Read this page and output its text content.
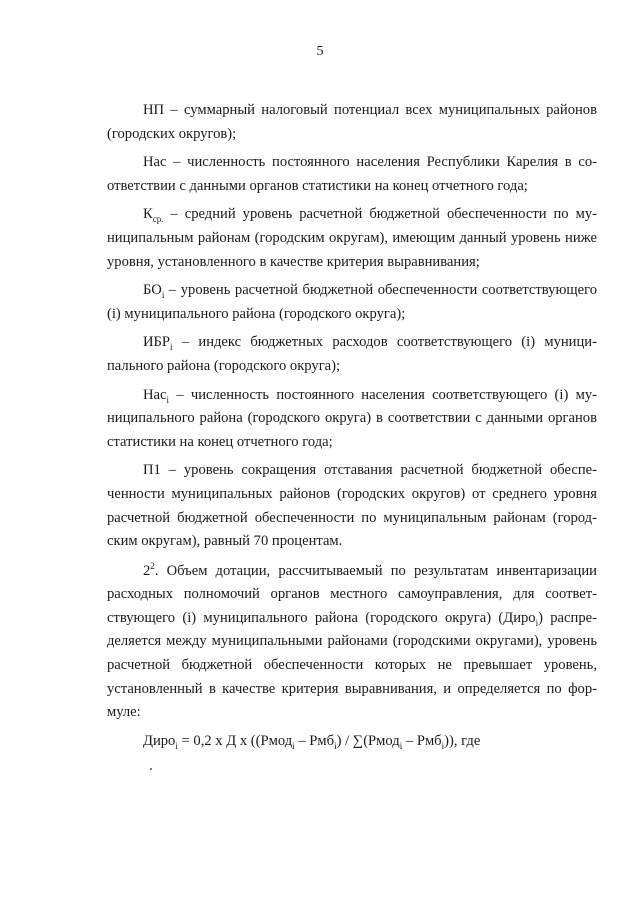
5

НП – суммарный налоговый потенциал всех муниципальных районов (городских округов);

Нас – численность постоянного населения Республики Карелия в соответствии с данными органов статистики на конец отчетного года;

$К_{ср.}$ – средний уровень расчетной бюджетной обеспеченности по муниципальным районам (городским округам), имеющим данный уровень ниже уровня, установленного в качестве критерия выравнивания;

$БО_i$ – уровень расчетной бюджетной обеспеченности соответствующего (i) муниципального района (городского округа);

$ИБР_i$ – индекс бюджетных расходов соответствующего (i) муниципального района (городского округа);

Нас$_i$ – численность постоянного населения соответствующего (i) муниципального района (городского округа) в соответствии с данными органов статистики на конец отчетного года;

П1 – уровень сокращения отставания расчетной бюджетной обеспеченности муниципальных районов (городских округов) от среднего уровня расчетной бюджетной обеспеченности по муниципальным районам (городским округам), равный 70 процентам.

$2^2$. Объем дотации, рассчитываемый по результатам инвентаризации расходных полномочий органов местного самоуправления, для соответствующего (i) муниципального района (городского округа) (Диро$_i$) распределяется между муниципальными районами (городскими округами), уровень расчетной бюджетной обеспеченности которых не превышает уровень, установленный в качестве критерия выравнивания, и определяется по формуле:

Диро$_i$ = 0,2 х Д х ((Рмод$_i$ – Рмб$_i$) / ∑(Рмод$_i$ – Рмб$_i$)), где
